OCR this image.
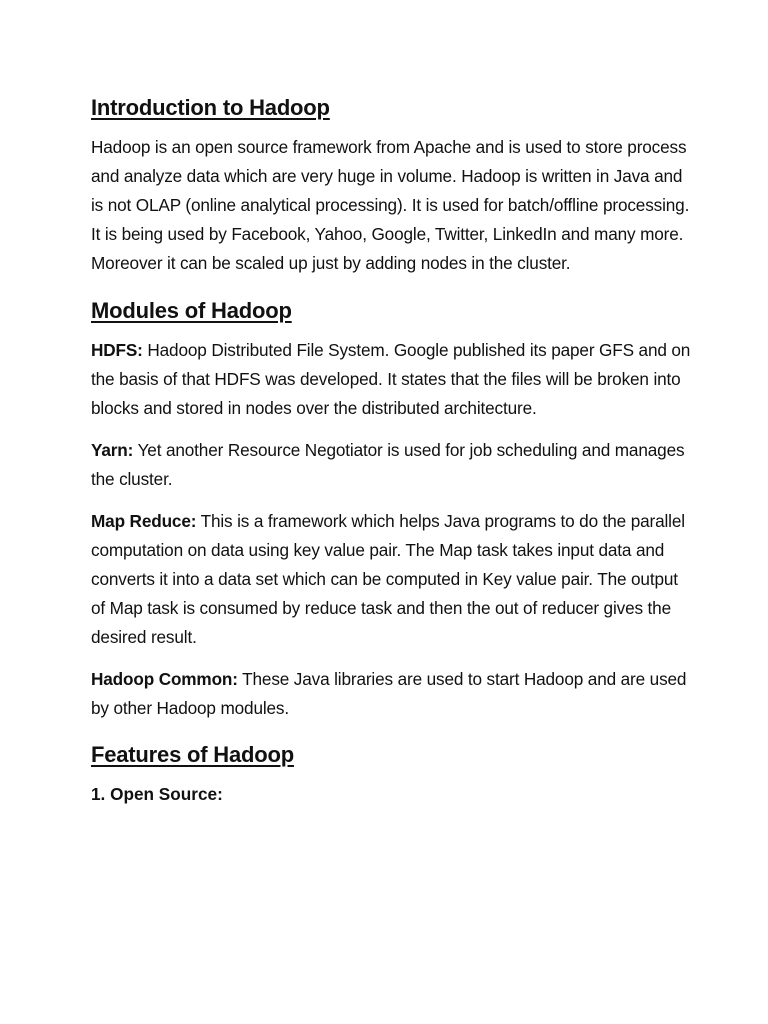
Introduction to Hadoop

Hadoop is an open source framework from Apache and is used to store process and analyze data which are very huge in volume. Hadoop is written in Java and is not OLAP (online analytical processing). It is used for batch/offline processing. It is being used by Facebook, Yahoo, Google, Twitter, LinkedIn and many more. Moreover it can be scaled up just by adding nodes in the cluster.

Modules of Hadoop

HDFS: Hadoop Distributed File System. Google published its paper GFS and on the basis of that HDFS was developed. It states that the files will be broken into blocks and stored in nodes over the distributed architecture.

Yarn: Yet another Resource Negotiator is used for job scheduling and manages the cluster.

Map Reduce: This is a framework which helps Java programs to do the parallel computation on data using key value pair. The Map task takes input data and converts it into a data set which can be computed in Key value pair. The output of Map task is consumed by reduce task and then the out of reducer gives the desired result.

Hadoop Common: These Java libraries are used to start Hadoop and are used by other Hadoop modules.

Features of Hadoop

1. Open Source:
